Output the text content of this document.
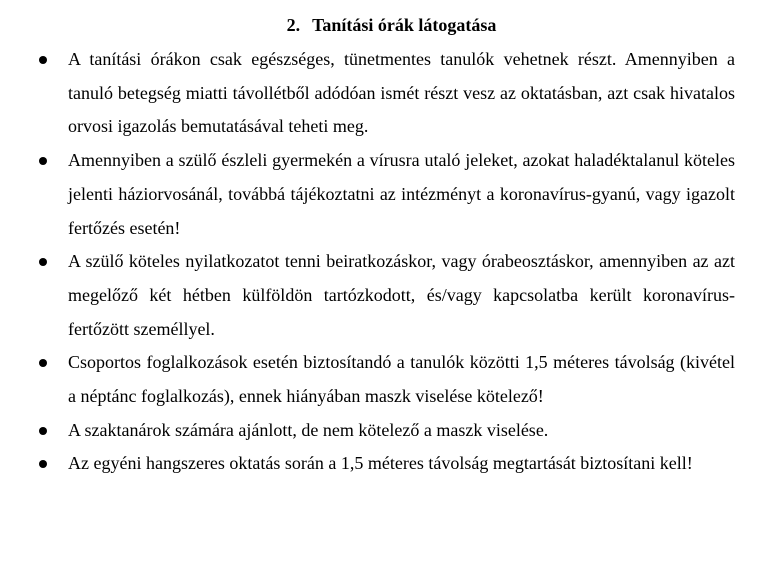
2. Tanítási órák látogatása
A tanítási órákon csak egészséges, tünetmentes tanulók vehetnek részt. Amennyiben a tanuló betegség miatti távollétből adódóan ismét részt vesz az oktatásban, azt csak hivatalos orvosi igazolás bemutatásával teheti meg.
Amennyiben a szülő észleli gyermekén a vírusra utaló jeleket, azokat haladéktalanul köteles jelenti háziorvosánál, továbbá tájékoztatni az intézményt a koronavírus-gyanú, vagy igazolt fertőzés esetén!
A szülő köteles nyilatkozatot tenni beiratkozáskor, vagy órabeosztáskor, amennyiben az azt megelőző két hétben külföldön tartózkodott, és/vagy kapcsolatba került koronavírus-fertőzött személlyel.
Csoportos foglalkozások esetén biztosítandó a tanulók közötti 1,5 méteres távolság (kivétel a néptánc foglalkozás), ennek hiányában maszk viselése kötelező!
A szaktanárok számára ajánlott, de nem kötelező a maszk viselése.
Az egyéni hangszeres oktatás során a 1,5 méteres távolság megtartását biztosítani kell!
